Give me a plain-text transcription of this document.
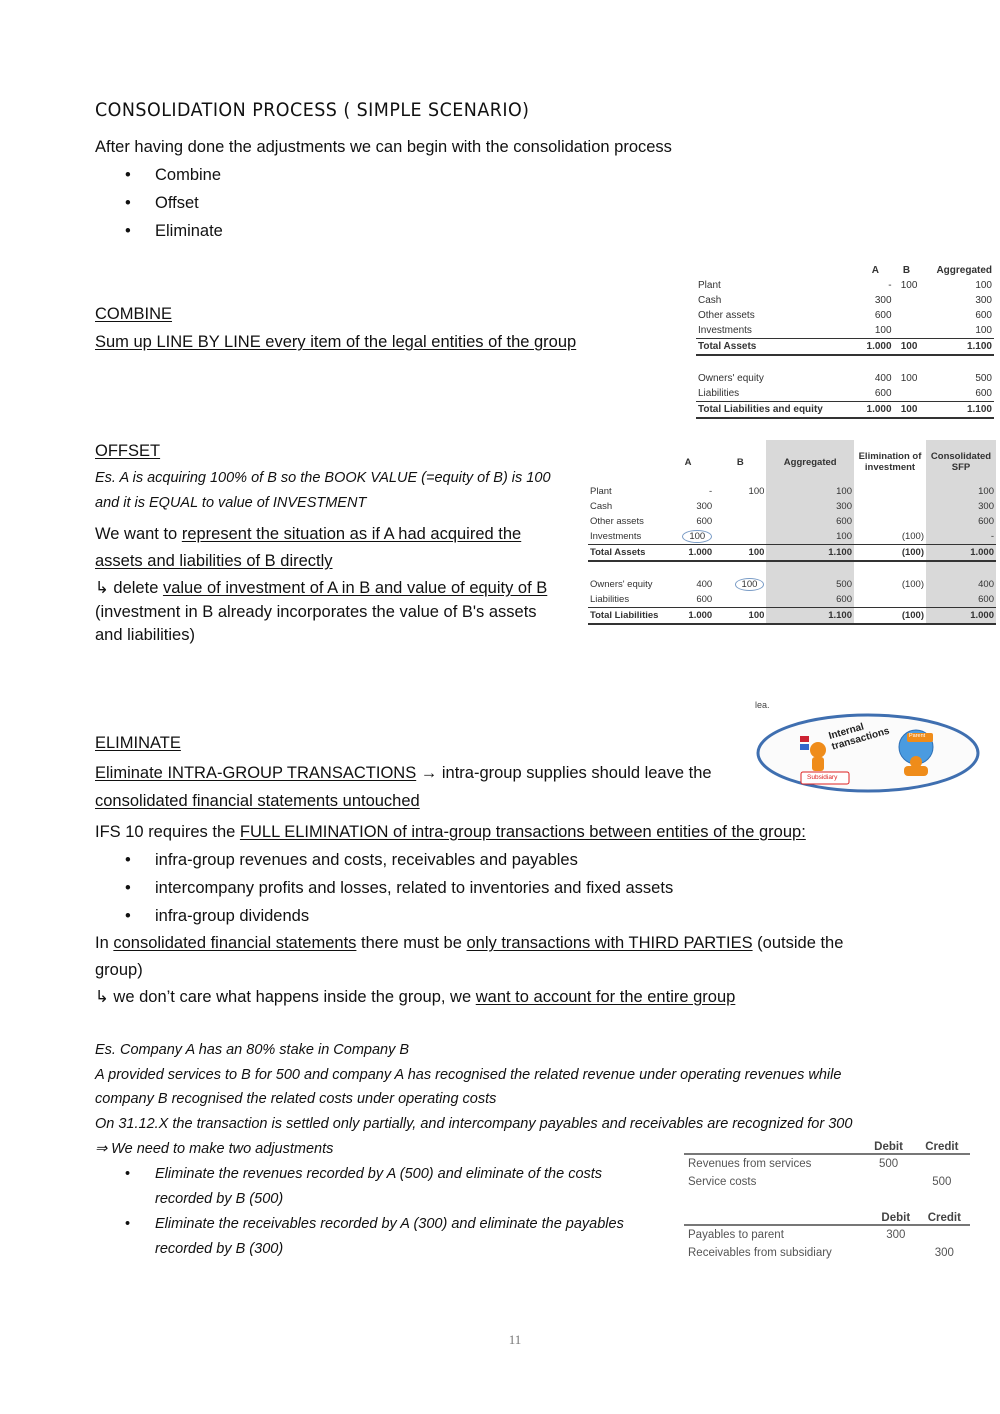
CONSOLIDATION PROCESS ( SIMPLE SCENARIO)
After having done the adjustments we can begin with the consolidation process
• Combine
• Offset
• Eliminate
COMBINE
Sum up LINE BY LINE every item of the legal entities of the group
	A	B	Aggregated
Plant	-	100	100
Cash	300		300
Other assets	600		600
Investments	100		100
Total Assets	1.000	100	1.100

Owners' equity	400	100	500
Liabilities	600		600
Total Liabilities and equity	1.000	100	1.100
OFFSET
Es. A is acquiring 100% of B so the BOOK VALUE (=equity of B) is 100
and it is EQUAL to value of INVESTMENT
We want to represent the situation as if A had acquired the
assets and liabilities of B directly
↳ delete value of investment of A in B and value of equity of B
(investment in B already incorporates the value of B's assets
and liabilities)
	A	B	Aggregated	Elimination of investment	Consolidated SFP
Plant	-	100	100		100
Cash	300		300		300
Other assets	600		600		600
Investments	100		100	(100)	-
Total Assets	1.000	100	1.100	(100)	1.000

Owners' equity	400	100	500	(100)	400
Liabilities	600		600		600
Total Liabilities	1.000	100	1.100	(100)	1.000
lea.
Internal transactions	Parent
Subsidiary
ELIMINATE
Eliminate INTRA-GROUP TRANSACTIONS → intra-group supplies should leave the
consolidated financial statements untouched
IFS 10 requires the FULL ELIMINATION of intra-group transactions between entities of the group:
• infra-group revenues and costs, receivables and payables
• intercompany profits and losses, related to inventories and fixed assets
• infra-group dividends
In consolidated financial statements there must be only transactions with THIRD PARTIES (outside the
group)
↳ we don’t care what happens inside the group, we want to account for the entire group
Es. Company A has an 80% stake in Company B
A provided services to B for 500 and company A has recognised the related revenue under operating revenues while
company B recognised the related costs under operating costs
On 31.12.X the transaction is settled only partially, and intercompany payables and receivables are recognized for 300
⇒ We need to make two adjustments
• Eliminate the revenues recorded by A (500) and eliminate of the costs recorded by B (500)
• Eliminate the receivables recorded by A (300) and eliminate the payables recorded by B (300)
	Debit	Credit
Revenues from services	500	
Service costs		500
	Debit	Credit
Payables to parent	300	
Receivables from subsidiary		300
11
